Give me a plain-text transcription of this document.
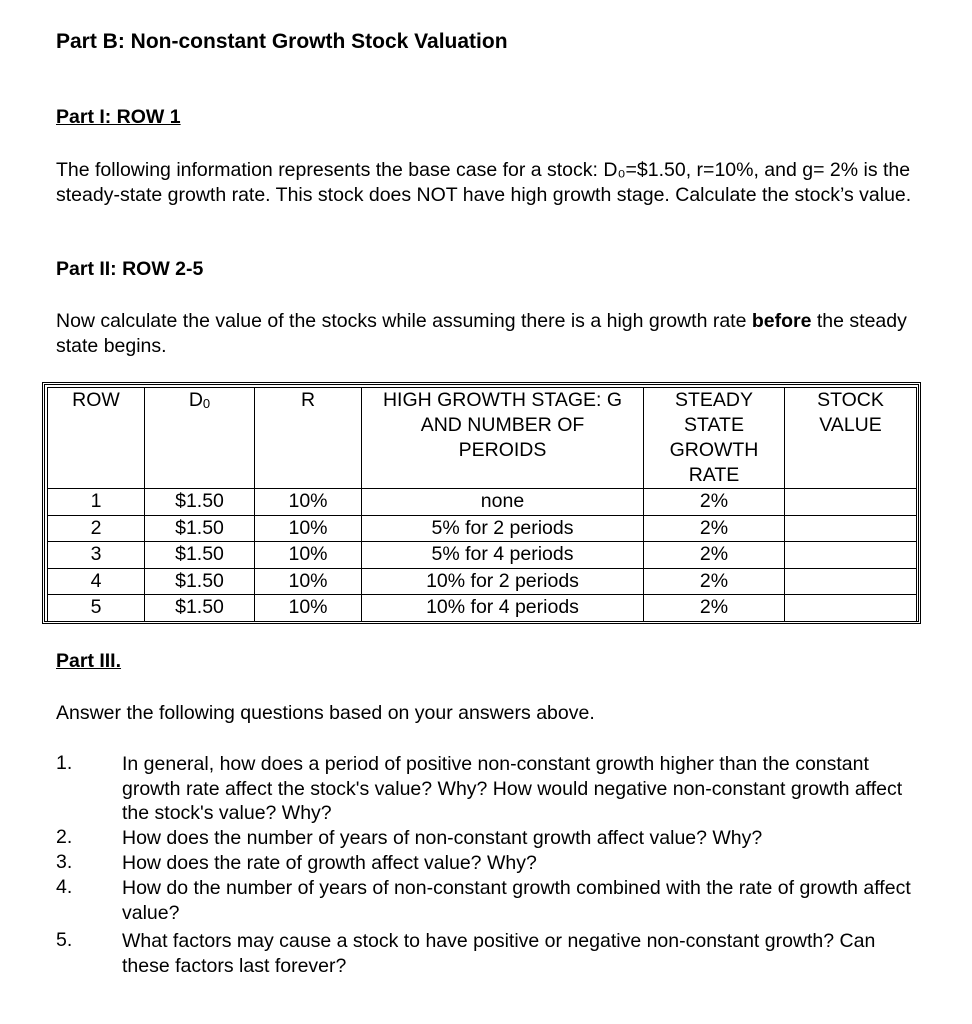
Part B: Non-constant Growth Stock Valuation
Part I: ROW 1
The following information represents the base case for a stock: D₀=$1.50, r=10%, and g= 2% is the steady-state growth rate. This stock does NOT have high growth stage. Calculate the stock’s value.
Part II: ROW 2-5
Now calculate the value of the stocks while assuming there is a high growth rate before the steady state begins.
ROW	$D_0$	R	HIGH GROWTH STAGE: G AND NUMBER OF PEROIDS	STEADY STATE GROWTH RATE	STOCK VALUE
1	$1.50	10%	none	2%	
2	$1.50	10%	5% for 2 periods	2%	
3	$1.50	10%	5% for 4 periods	2%	
4	$1.50	10%	10% for 2 periods	2%	
5	$1.50	10%	10% for 4 periods	2%	
Part III.
Answer the following questions based on your answers above.
1.	In general, how does a period of positive non-constant growth higher than the constant growth rate affect the stock's value? Why? How would negative non-constant growth affect the stock's value? Why?
2.	How does the number of years of non-constant growth affect value? Why?
3.	How does the rate of growth affect value? Why?
4.	How do the number of years of non-constant growth combined with the rate of growth affect value?
5.	What factors may cause a stock to have positive or negative non-constant growth? Can these factors last forever?
